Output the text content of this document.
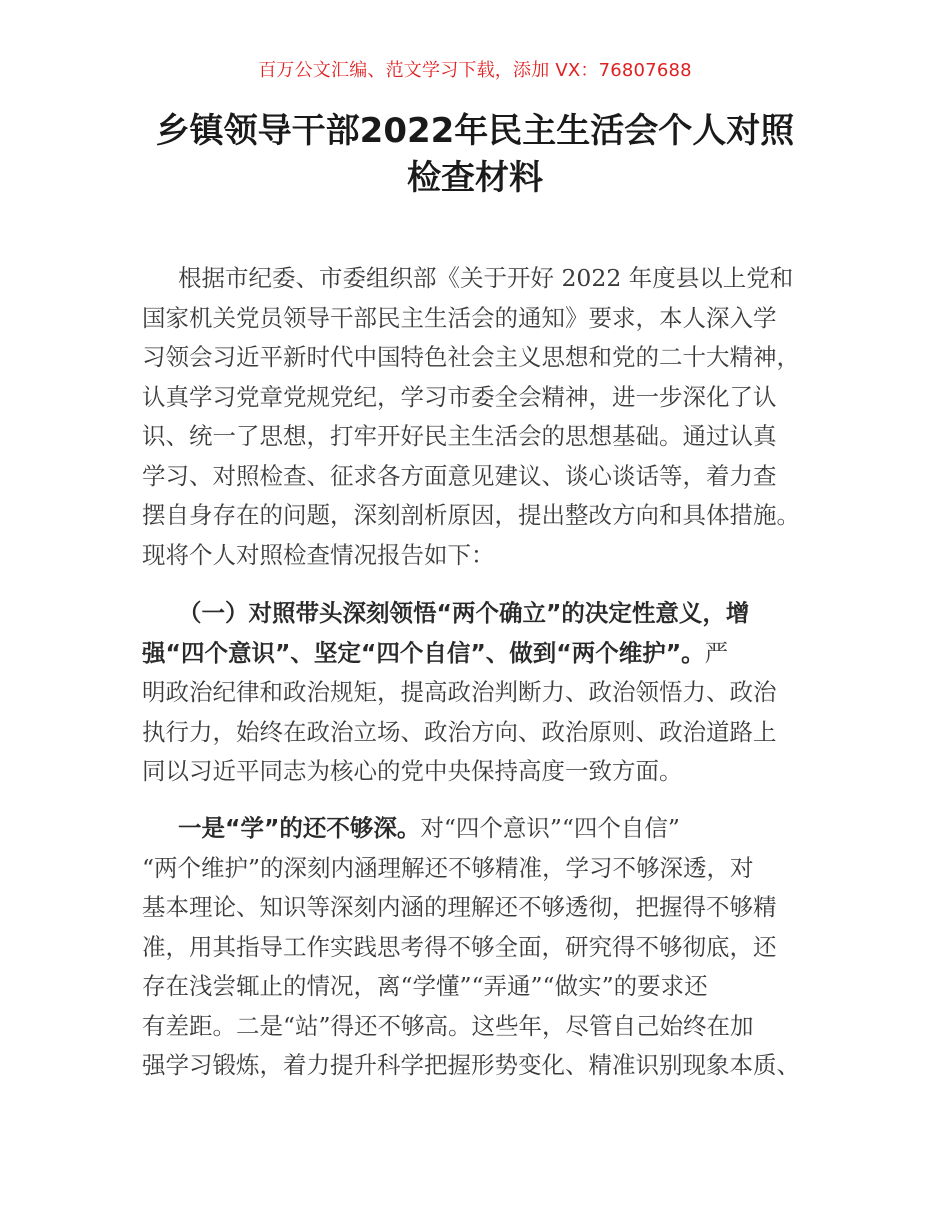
百万公文汇编、范文学习下载，添加 VX：76807688
乡镇领导干部2022年民主生活会个人对照
检查材料
根据市纪委、市委组织部《关于开好 2022 年度县以上党和
国家机关党员领导干部民主生活会的通知》要求，本人深入学
习领会习近平新时代中国特色社会主义思想和党的二十大精神，
认真学习党章党规党纪，学习市委全会精神，进一步深化了认
识、统一了思想，打牢开好民主生活会的思想基础。通过认真
学习、对照检查、征求各方面意见建议、谈心谈话等，着力查
摆自身存在的问题，深刻剖析原因，提出整改方向和具体措施。
现将个人对照检查情况报告如下：
（一）对照带头深刻领悟“两个确立”的决定性意义，增
强“四个意识”、坚定“四个自信”、做到“两个维护”。严
明政治纪律和政治规矩，提高政治判断力、政治领悟力、政治
执行力，始终在政治立场、政治方向、政治原则、政治道路上
同以习近平同志为核心的党中央保持高度一致方面。
一是“学”的还不够深。对“四个意识”“四个自信”
“两个维护”的深刻内涵理解还不够精准，学习不够深透，对
基本理论、知识等深刻内涵的理解还不够透彻，把握得不够精
准，用其指导工作实践思考得不够全面，研究得不够彻底，还
存在浅尝辄止的情况，离“学懂”“弄通”“做实”的要求还
有差距。二是“站”得还不够高。这些年，尽管自己始终在加
强学习锻炼，着力提升科学把握形势变化、精准识别现象本质、
